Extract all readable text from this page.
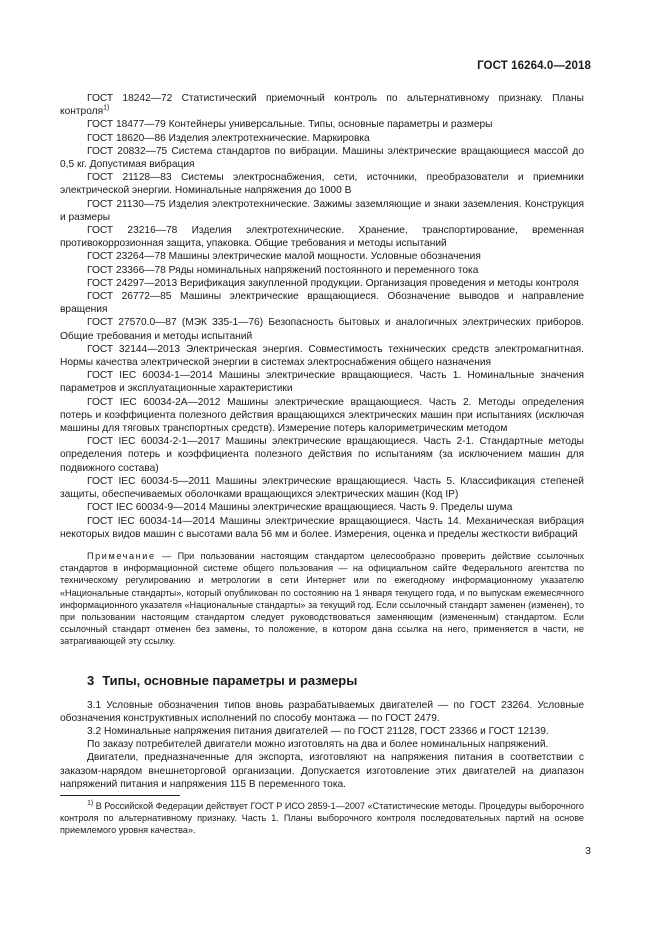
ГОСТ 16264.0—2018

ГОСТ 18242—72 Статистический приемочный контроль по альтернативному признаку. Планы контроля$^{1)}$

ГОСТ 18477—79 Контейнеры универсальные. Типы, основные параметры и размеры

ГОСТ 18620—86 Изделия электротехнические. Маркировка

ГОСТ 20832—75 Система стандартов по вибрации. Машины электрические вращающиеся массой до 0,5 кг. Допустимая вибрация

ГОСТ 21128—83 Системы электроснабжения, сети, источники, преобразователи и приемники электрической энергии. Номинальные напряжения до 1000 В

ГОСТ 21130—75 Изделия электротехнические. Зажимы заземляющие и знаки заземления. Конструкция и размеры

ГОСТ 23216—78 Изделия электротехнические. Хранение, транспортирование, временная противокоррозионная защита, упаковка. Общие требования и методы испытаний

ГОСТ 23264—78 Машины электрические малой мощности. Условные обозначения

ГОСТ 23366—78 Ряды номинальных напряжений постоянного и переменного тока

ГОСТ 24297—2013 Верификация закупленной продукции. Организация проведения и методы контроля

ГОСТ 26772—85 Машины электрические вращающиеся. Обозначение выводов и направление вращения

ГОСТ 27570.0—87 (МЭК 335-1—76) Безопасность бытовых и аналогичных электрических приборов. Общие требования и методы испытаний

ГОСТ 32144—2013 Электрическая энергия. Совместимость технических средств электромагнитная. Нормы качества электрической энергии в системах электроснабжения общего назначения

ГОСТ IEC 60034-1—2014 Машины электрические вращающиеся. Часть 1. Номинальные значения параметров и эксплуатационные характеристики

ГОСТ IEC 60034-2А—2012 Машины электрические вращающиеся. Часть 2. Методы определения потерь и коэффициента полезного действия вращающихся электрических машин при испытаниях (исключая машины для тяговых транспортных средств). Измерение потерь калориметрическим методом

ГОСТ IEC 60034-2-1—2017 Машины электрические вращающиеся. Часть 2-1. Стандартные методы определения потерь и коэффициента полезного действия по испытаниям (за исключением машин для подвижного состава)

ГОСТ IEC 60034-5—2011 Машины электрические вращающиеся. Часть 5. Классификация степеней защиты, обеспечиваемых оболочками вращающихся электрических машин (Код IP)

ГОСТ IEC 60034-9—2014 Машины электрические вращающиеся. Часть 9. Пределы шума

ГОСТ IEC 60034-14—2014 Машины электрические вращающиеся. Часть 14. Механическая вибрация некоторых видов машин с высотами вала 56 мм и более. Измерения, оценка и пределы жесткости вибраций

Примечание — При пользовании настоящим стандартом целесообразно проверить действие ссылочных стандартов в информационной системе общего пользования — на официальном сайте Федерального агентства по техническому регулированию и метрологии в сети Интернет или по ежегодному информационному указателю «Национальные стандарты», который опубликован по состоянию на 1 января текущего года, и по выпускам ежемесячного информационного указателя «Национальные стандарты» за текущий год. Если ссылочный стандарт заменен (изменен), то при пользовании настоящим стандартом следует руководствоваться заменяющим (измененным) стандартом. Если ссылочный стандарт отменен без замены, то положение, в котором дана ссылка на него, применяется в части, не затрагивающей эту ссылку.
3 Типы, основные параметры и размеры

3.1 Условные обозначения типов вновь разрабатываемых двигателей — по ГОСТ 23264. Условные обозначения конструктивных исполнений по способу монтажа — по ГОСТ 2479.

3.2 Номинальные напряжения питания двигателей — по ГОСТ 21128, ГОСТ 23366 и ГОСТ 12139.

По заказу потребителей двигатели можно изготовлять на два и более номинальных напряжений.

Двигатели, предназначенные для экспорта, изготовляют на напряжения питания в соответствии с заказом-нарядом внешнеторговой организации. Допускается изготовление этих двигателей на диапазон напряжений питания и напряжения 115 В переменного тока.

$^{1)}$ В Российской Федерации действует ГОСТ Р ИСО 2859-1—2007 «Статистические методы. Процедуры выборочного контроля по альтернативному признаку. Часть 1. Планы выборочного контроля последовательных партий на основе приемлемого уровня качества».

3
